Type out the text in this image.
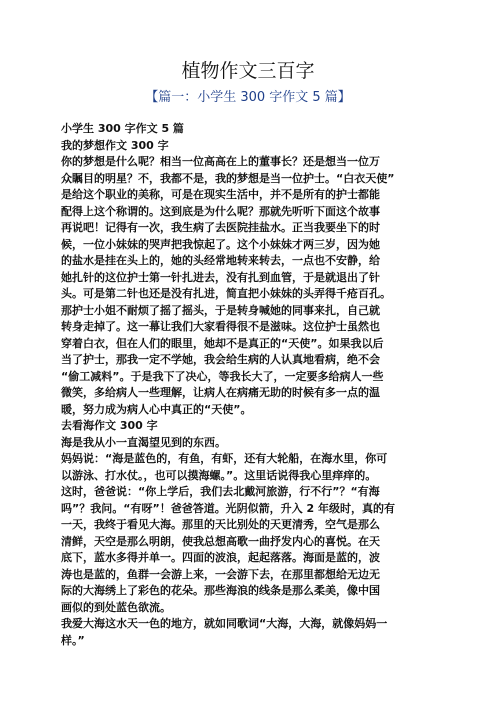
植物作文三百字
【篇一：小学生 300 字作文 5 篇】
小学生 300 字作文 5 篇
我的梦想作文 300 字
你的梦想是什么呢？相当一位高高在上的董事长？还是想当一位万
众瞩目的明星？不，我都不是，我的梦想是当一位护士。“白衣天使”
是给这个职业的美称，可是在现实生活中，并不是所有的护士都能
配得上这个称谓的。这到底是为什么呢？那就先听听下面这个故事
再说吧！记得有一次，我生病了去医院挂盐水。正当我要坐下的时
候，一位小妹妹的哭声把我惊起了。这个小妹妹才两三岁，因为她
的盐水是挂在头上的，她的头经常地转来转去，一点也不安静，给
她扎针的这位护士第一针扎进去，没有扎到血管，于是就退出了针
头。可是第二针也还是没有扎进，简直把小妹妹的头弄得千疮百孔。
那护士小姐不耐烦了摇了摇头，于是转身喊她的同事来扎，自己就
转身走掉了。这一幕让我们大家看得很不是滋味。这位护士虽然也
穿着白衣，但在人们的眼里，她却不是真正的“天使”。如果我以后
当了护士，那我一定不学她，我会给生病的人认真地看病，绝不会
“偷工减料”。于是我下了决心，等我长大了，一定要多给病人一些
微笑，多给病人一些理解，让病人在病痛无助的时候有多一点的温
暖，努力成为病人心中真正的“天使”。
去看海作文 300 字
海是我从小一直渴望见到的东西。
妈妈说：“海是蓝色的，有鱼，有虾，还有大轮船，在海水里，你可
以游泳、打水仗。，也可以摸海螺。”。这里话说得我心里痒痒的。
这时，爸爸说：“你上学后，我们去北戴河旅游，行不行”？“有海
吗”？我问。“有呀”！爸爸答道。光阴似箭，升入 2 年级时，真的有
一天，我终于看见大海。那里的天比别处的天更清秀，空气是那么
清鲜，天空是那么明朗，使我总想高歌一曲抒发内心的喜悦。在天
底下，蓝水多得并单一。四面的波浪，起起落落。海面是蓝的，波
涛也是蓝的，鱼群一会游上来，一会游下去，在那里都想给无边无
际的大海绣上了彩色的花朵。那些海浪的线条是那么柔美，像中国
画似的到处蓝色欲流。
我爱大海这水天一色的地方，就如同歌词“大海，大海，就像妈妈一
样。”
